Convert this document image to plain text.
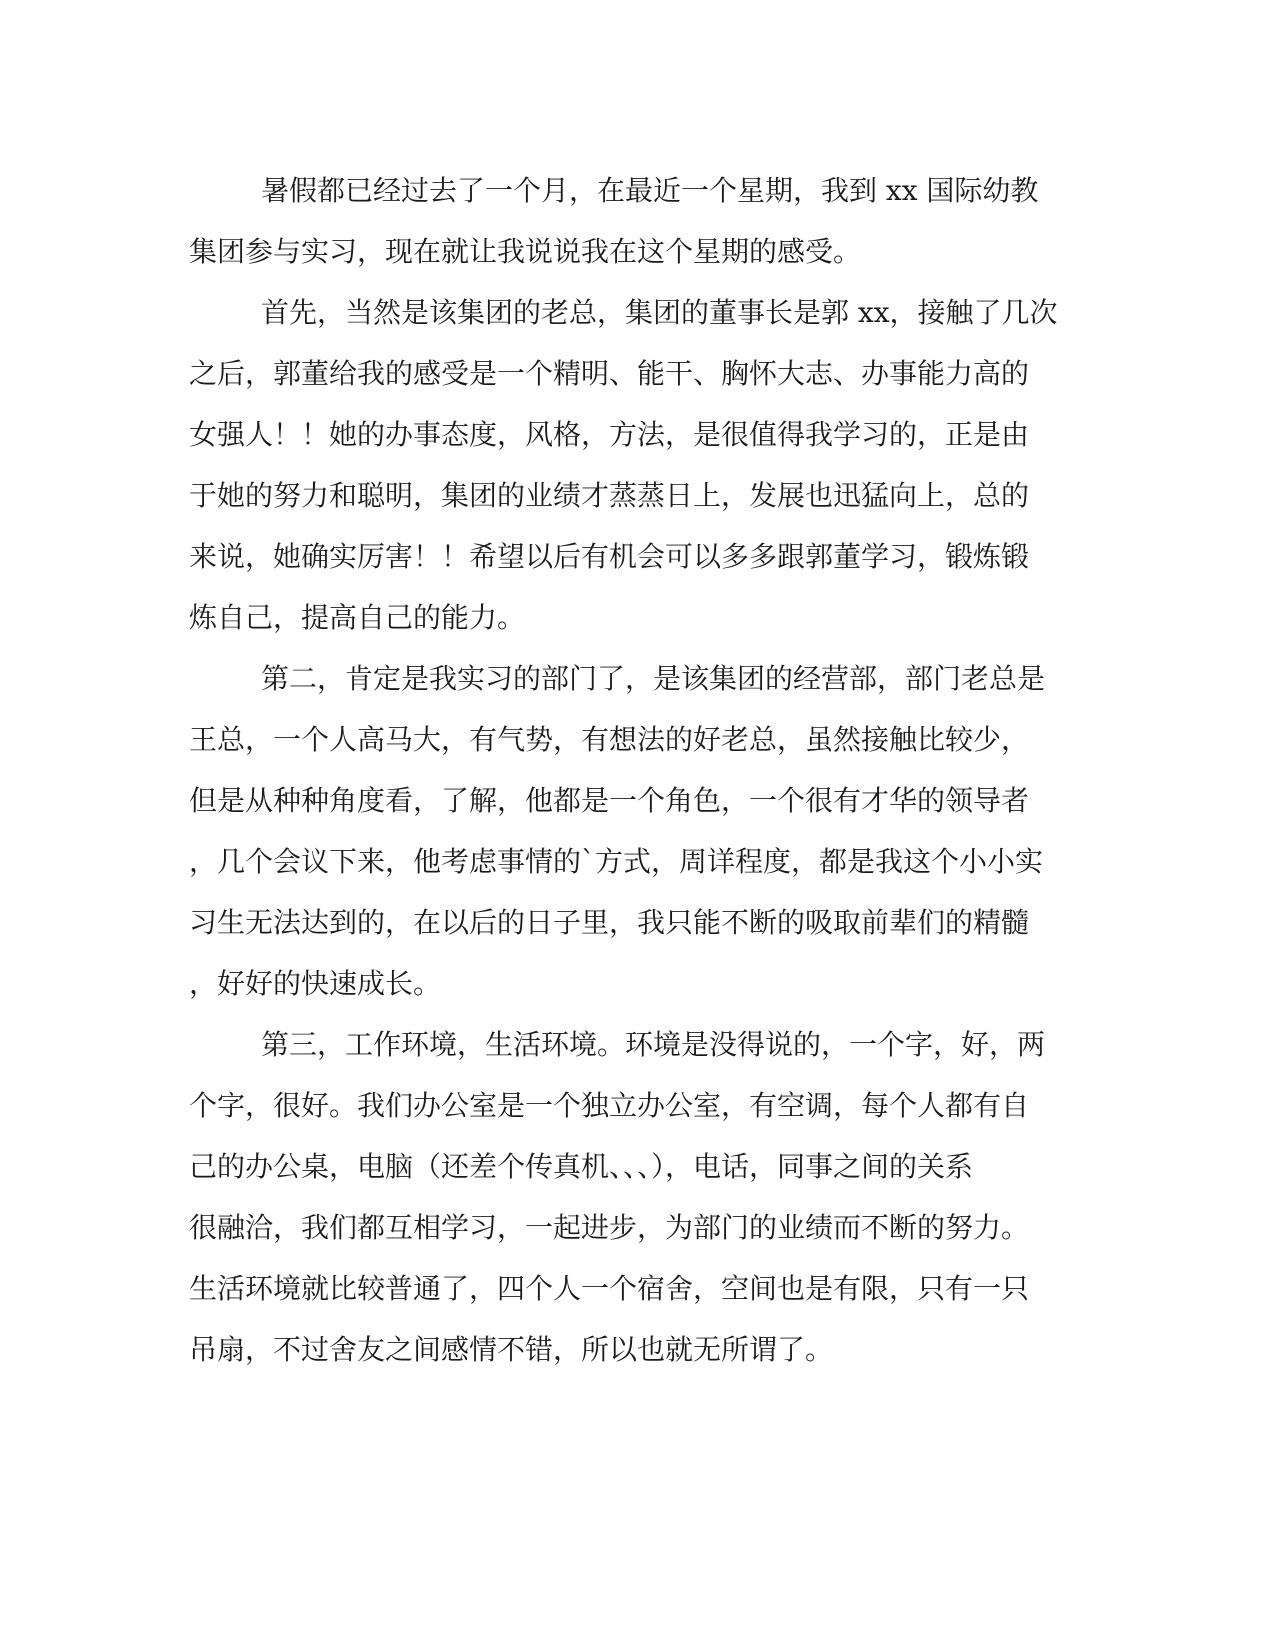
暑假都已经过去了一个月，在最近一个星期，我到 xx 国际幼教
集团参与实习，现在就让我说说我在这个星期的感受。
首先，当然是该集团的老总，集团的董事长是郭 xx，接触了几次
之后，郭董给我的感受是一个精明、能干、胸怀大志、办事能力高的
女强人！！她的办事态度，风格，方法，是很值得我学习的，正是由
于她的努力和聪明，集团的业绩才蒸蒸日上，发展也迅猛向上，总的
来说，她确实厉害！！希望以后有机会可以多多跟郭董学习，锻炼锻
炼自己，提高自己的能力。
第二，肯定是我实习的部门了，是该集团的经营部，部门老总是
王总，一个人高马大，有气势，有想法的好老总，虽然接触比较少，
但是从种种角度看，了解，他都是一个角色，一个很有才华的领导者
，几个会议下来，他考虑事情的`方式，周详程度，都是我这个小小实
习生无法达到的，在以后的日子里，我只能不断的吸取前辈们的精髓
，好好的快速成长。
第三，工作环境，生活环境。环境是没得说的，一个字，好，两
个字，很好。我们办公室是一个独立办公室，有空调，每个人都有自
己的办公桌，电脑（还差个传真机、、、），电话，同事之间的关系
很融洽，我们都互相学习，一起进步，为部门的业绩而不断的努力。
生活环境就比较普通了，四个人一个宿舍，空间也是有限，只有一只
吊扇，不过舍友之间感情不错，所以也就无所谓了。
